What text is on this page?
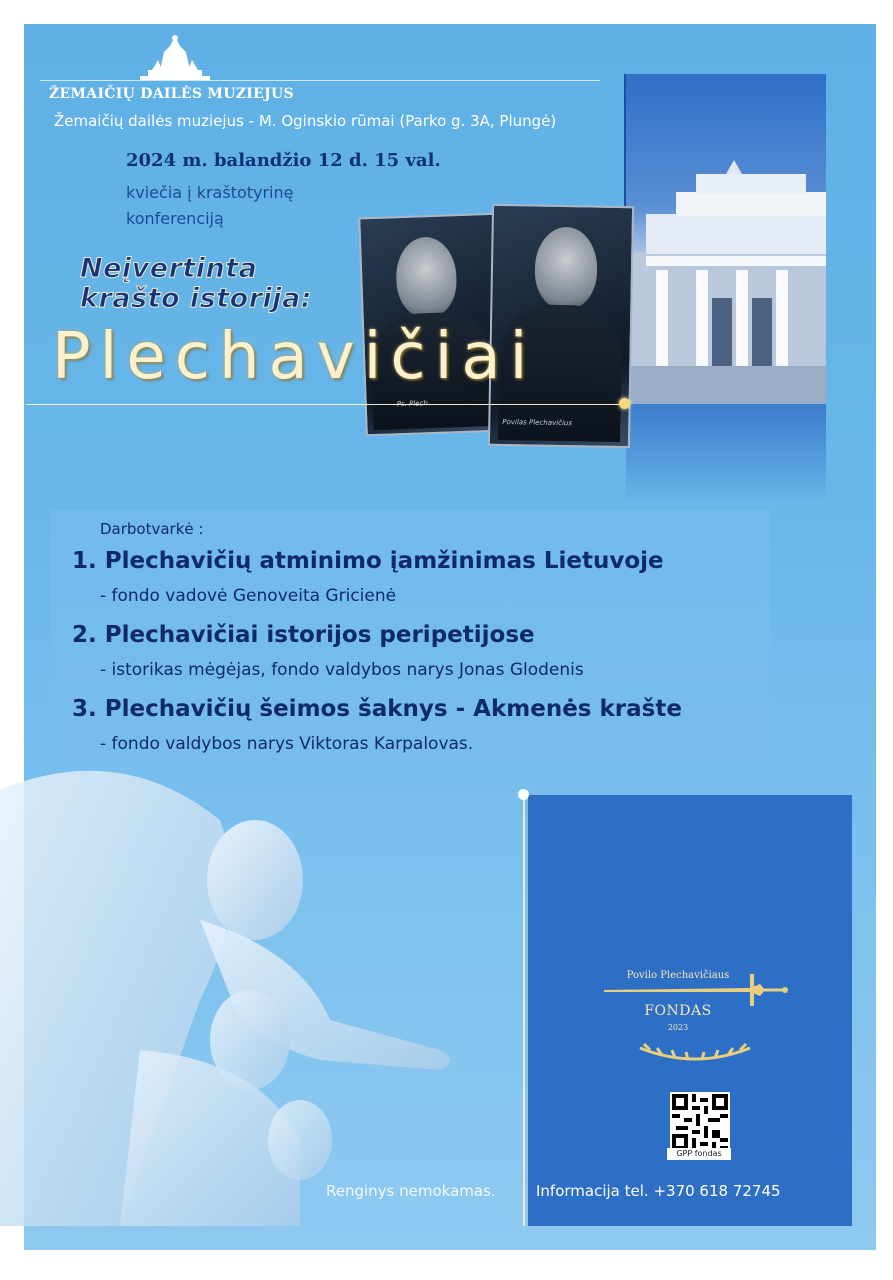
ŽEMAIČIŲ DAILĖS MUZIEJUS
Žemaičių dailės muziejus - M. Oginskio rūmai (Parko g. 3A, Plungė)
2024 m. balandžio 12 d. 15 val.
kviečia į kraštotyrinę konferenciją
Povilas Plechavičius
Neįvertinta
krašto istorija:
Plechavičiai
Darbotvarkė :
1. Plechavičių atminimo įamžinimas Lietuvoje
- fondo vadovė Genoveita Gricienė
2. Plechavičiai istorijos peripetijose
- istorikas mėgėjas, fondo valdybos narys Jonas Glodenis
3. Plechavičių šeimos šaknys - Akmenės krašte
- fondo valdybos narys Viktoras Karpalovas.
Povilo Plechavičiaus
FONDAS
2023
GPP fondas
Renginys nemokamas.	Informacija tel. +370 618 72745
